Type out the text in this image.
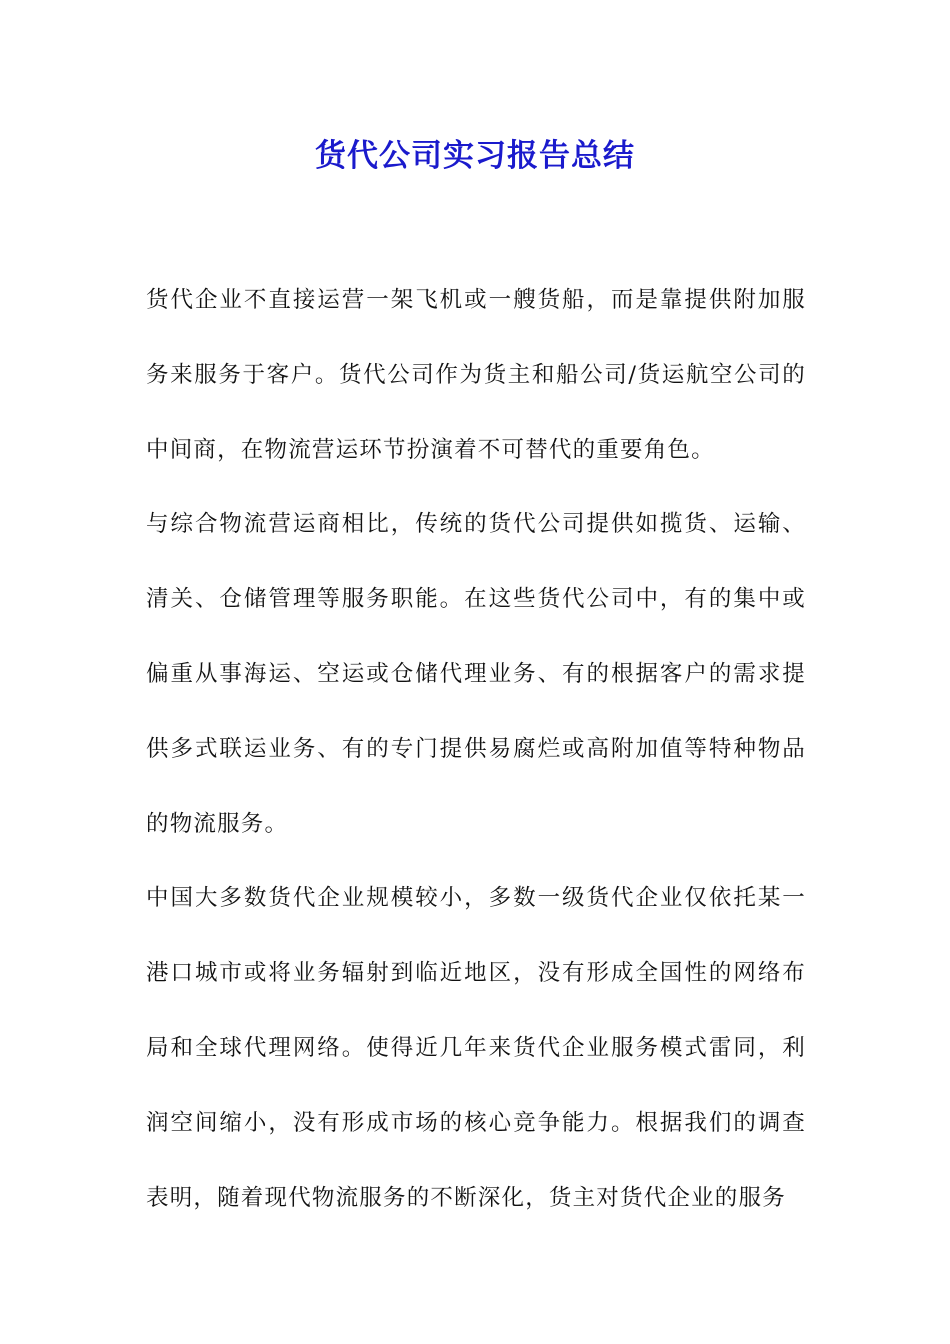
货代公司实习报告总结

货代企业不直接运营一架飞机或一艘货船，而是靠提供附加服务来服务于客户。货代公司作为货主和船公司/货运航空公司的中间商，在物流营运环节扮演着不可替代的重要角色。

与综合物流营运商相比，传统的货代公司提供如揽货、运输、清关、仓储管理等服务职能。在这些货代公司中，有的集中或偏重从事海运、空运或仓储代理业务、有的根据客户的需求提供多式联运业务、有的专门提供易腐烂或高附加值等特种物品的物流服务。

中国大多数货代企业规模较小，多数一级货代企业仅依托某一港口城市或将业务辐射到临近地区，没有形成全国性的网络布局和全球代理网络。使得近几年来货代企业服务模式雷同，利润空间缩小，没有形成市场的核心竞争能力。根据我们的调查表明，随着现代物流服务的不断深化，货主对货代企业的服务
